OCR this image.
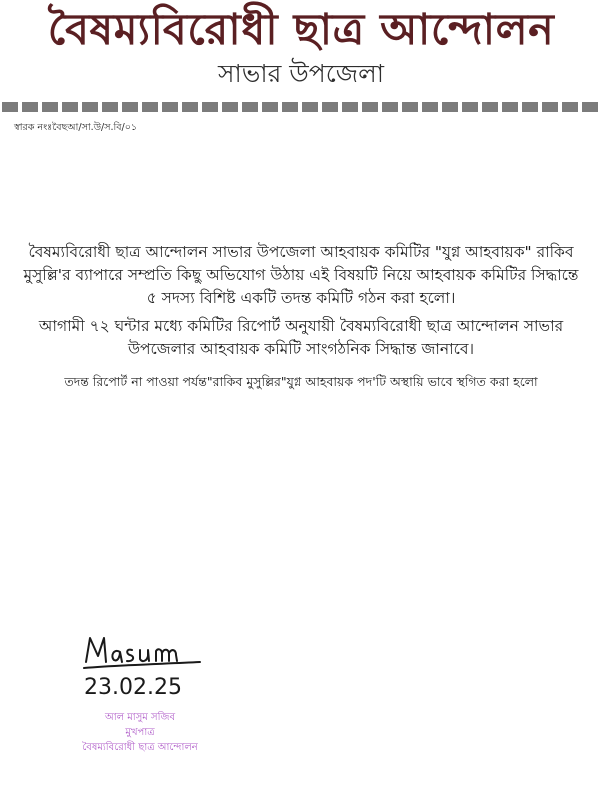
বৈষম্যবিরোধী ছাত্র আন্দোলন
সাভার উপজেলা
স্বারক নংঃবৈছআ/সা.উ/স.বি/০১
বৈষম্যবিরোধী ছাত্র আন্দোলন সাভার উপজেলা আহবায়ক কমিটির "যুগ্ন আহবায়ক" রাকিব
মুসুল্লি'র ব্যাপারে সম্প্রতি কিছু অভিযোগ উঠায় এই বিষয়টি নিয়ে আহবায়ক কমিটির সিদ্ধান্তে
৫ সদস্য বিশিষ্ট একটি তদন্ত কমিটি গঠন করা হলো।
আগামী ৭২ ঘন্টার মধ্যে কমিটির রিপোর্ট অনুযায়ী বৈষম্যবিরোধী ছাত্র আন্দোলন সাভার
উপজেলার আহবায়ক কমিটি সাংগঠনিক সিদ্ধান্ত জানাবে।
তদন্ত রিপোর্ট না পাওয়া পর্যন্ত"রাকিব মুসুল্লির"যুগ্ন আহবায়ক পদ'টি অস্থায়ি ভাবে স্থগিত করা হলো
23.02.25
আল মাসুম সজিব
মুখপাত্র
বৈষম্যবিরোধী ছাত্র আন্দোলন
